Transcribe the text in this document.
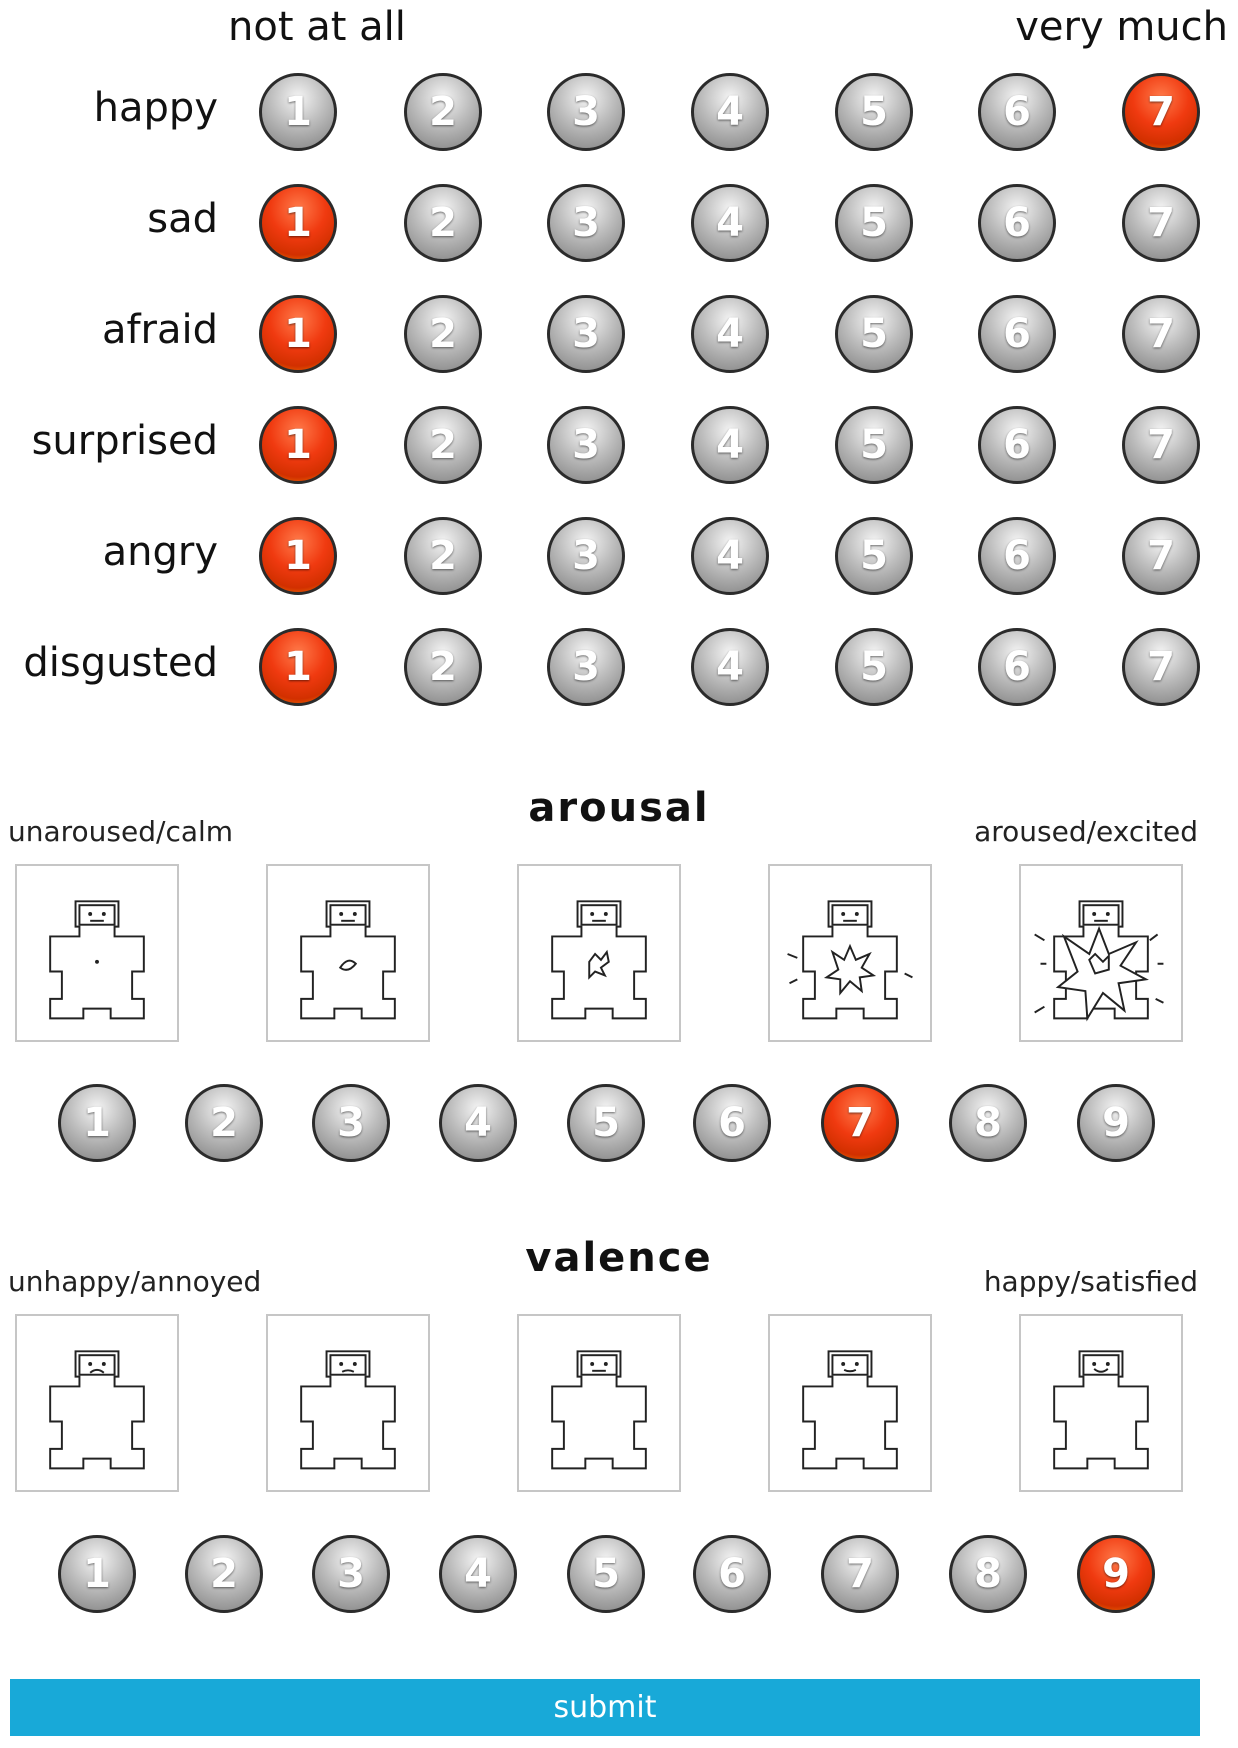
not at all	very much
happy	1	2	3	4	5	6	7
sad	1	2	3	4	5	6	7
afraid	1	2	3	4	5	6	7
surprised	1	2	3	4	5	6	7
angry	1	2	3	4	5	6	7
disgusted	1	2	3	4	5	6	7
arousal
unaroused/calm	aroused/excited
1	2	3	4	5	6	7	8	9
valence
unhappy/annoyed	happy/satisfied
1	2	3	4	5	6	7	8	9
submit
